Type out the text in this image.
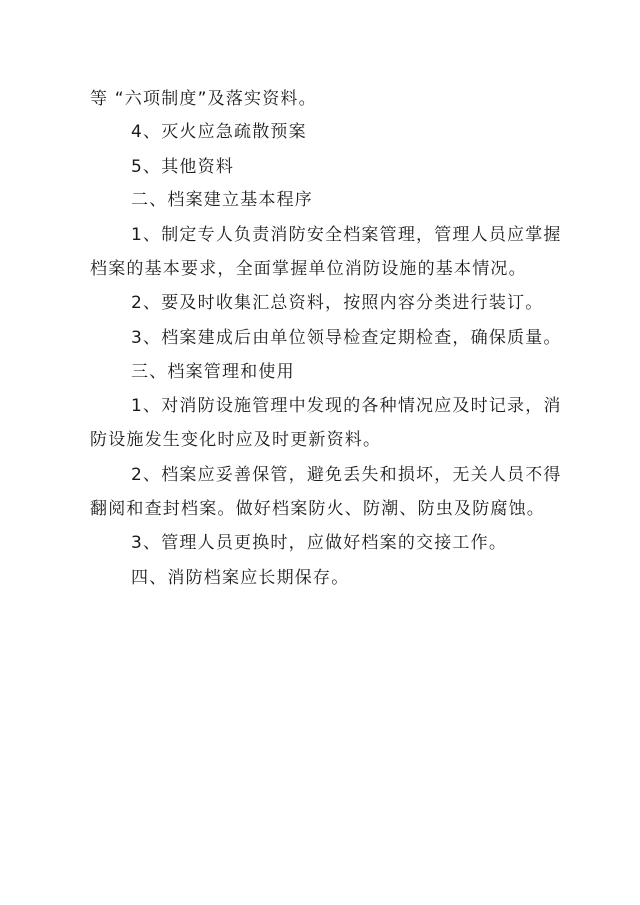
等 “六项制度”及落实资料。
4、灭火应急疏散预案
5、其他资料
二、档案建立基本程序
1、制定专人负责消防安全档案管理，管理人员应掌握
档案的基本要求，全面掌握单位消防设施的基本情况。
2、要及时收集汇总资料，按照内容分类进行装订。
3、档案建成后由单位领导检查定期检查，确保质量。
三、档案管理和使用
1、对消防设施管理中发现的各种情况应及时记录，消
防设施发生变化时应及时更新资料。
2、档案应妥善保管，避免丢失和损坏，无关人员不得
翻阅和查封档案。做好档案防火、防潮、防虫及防腐蚀。
3、管理人员更换时，应做好档案的交接工作。
四、消防档案应长期保存。
